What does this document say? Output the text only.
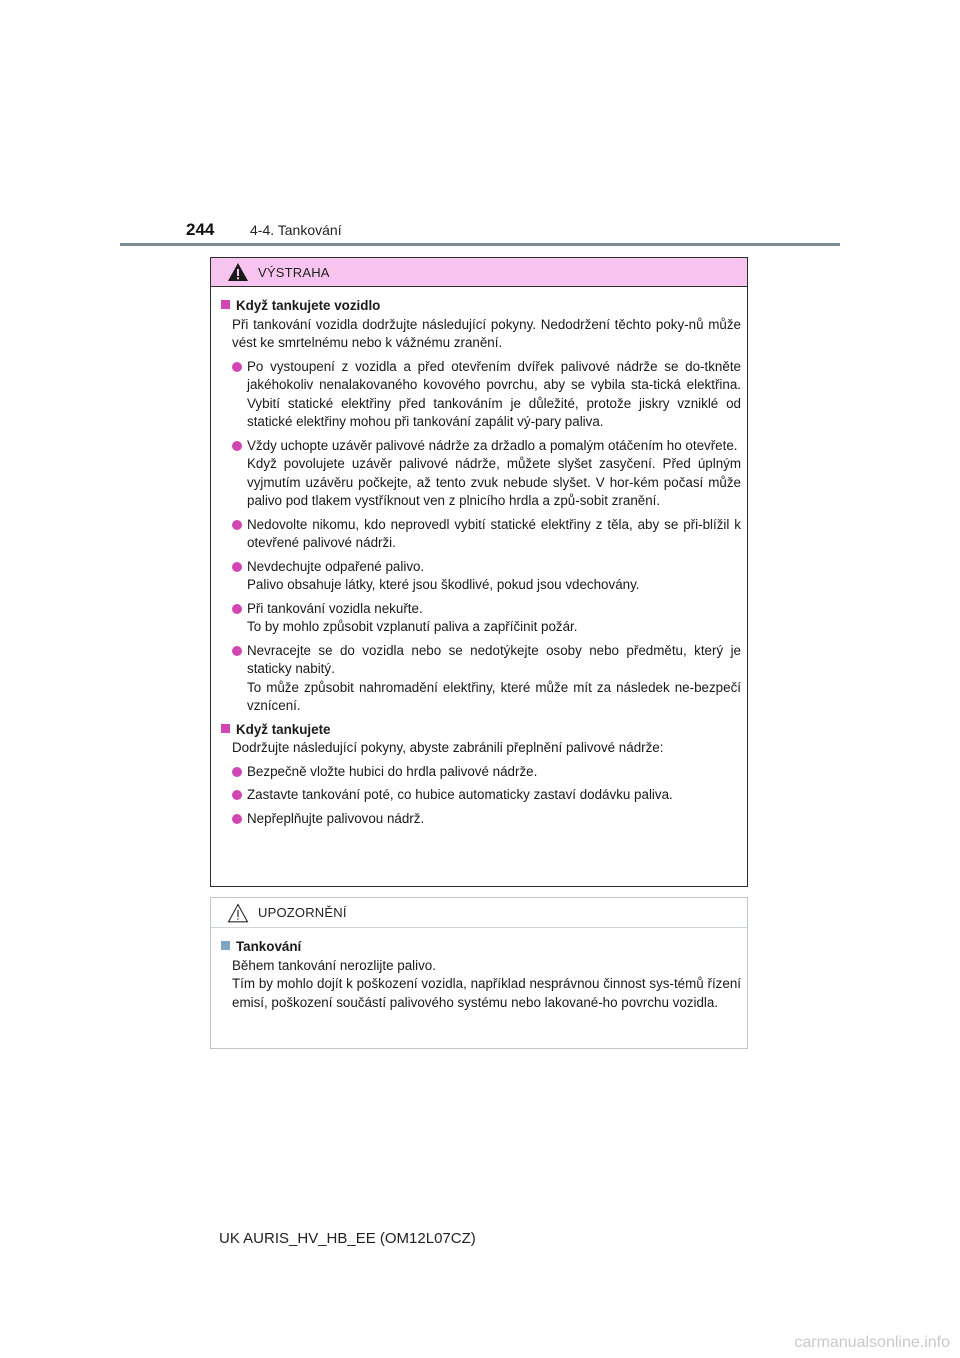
244	4-4. Tankování
VÝSTRAHA
Když tankujete vozidlo
Při tankování vozidla dodržujte následující pokyny. Nedodržení těchto poky-nů může vést ke smrtelnému nebo k vážnému zranění.
Po vystoupení z vozidla a před otevřením dvířek palivové nádrže se do-tkněte jakéhokoliv nenalakovaného kovového povrchu, aby se vybila sta-tická elektřina. Vybití statické elektřiny před tankováním je důležité, protože jiskry vzniklé od statické elektřiny mohou při tankování zapálit vý-pary paliva.
Vždy uchopte uzávěr palivové nádrže za držadlo a pomalým otáčením ho otevřete.
Když povolujete uzávěr palivové nádrže, můžete slyšet zasyčení. Před úplným vyjmutím uzávěru počkejte, až tento zvuk nebude slyšet. V hor-kém počasí může palivo pod tlakem vystříknout ven z plnicího hrdla a způ-sobit zranění.
Nedovolte nikomu, kdo neprovedl vybití statické elektřiny z těla, aby se při-blížil k otevřené palivové nádrži.
Nevdechujte odpařené palivo.
Palivo obsahuje látky, které jsou škodlivé, pokud jsou vdechovány.
Při tankování vozidla nekuřte.
To by mohlo způsobit vzplanutí paliva a zapříčinit požár.
Nevracejte se do vozidla nebo se nedotýkejte osoby nebo předmětu, který je staticky nabitý.
To může způsobit nahromadění elektřiny, které může mít za následek ne-bezpečí vznícení.
Když tankujete
Dodržujte následující pokyny, abyste zabránili přeplnění palivové nádrže:
Bezpečně vložte hubici do hrdla palivové nádrže.
Zastavte tankování poté, co hubice automaticky zastaví dodávku paliva.
Nepřeplňujte palivovou nádrž.
UPOZORNĚNÍ
Tankování
Během tankování nerozlijte palivo.
Tím by mohlo dojít k poškození vozidla, například nesprávnou činnost sys-témů řízení emisí, poškození součástí palivového systému nebo lakované-ho povrchu vozidla.
UK AURIS_HV_HB_EE (OM12L07CZ)
carmanualsonline.info
